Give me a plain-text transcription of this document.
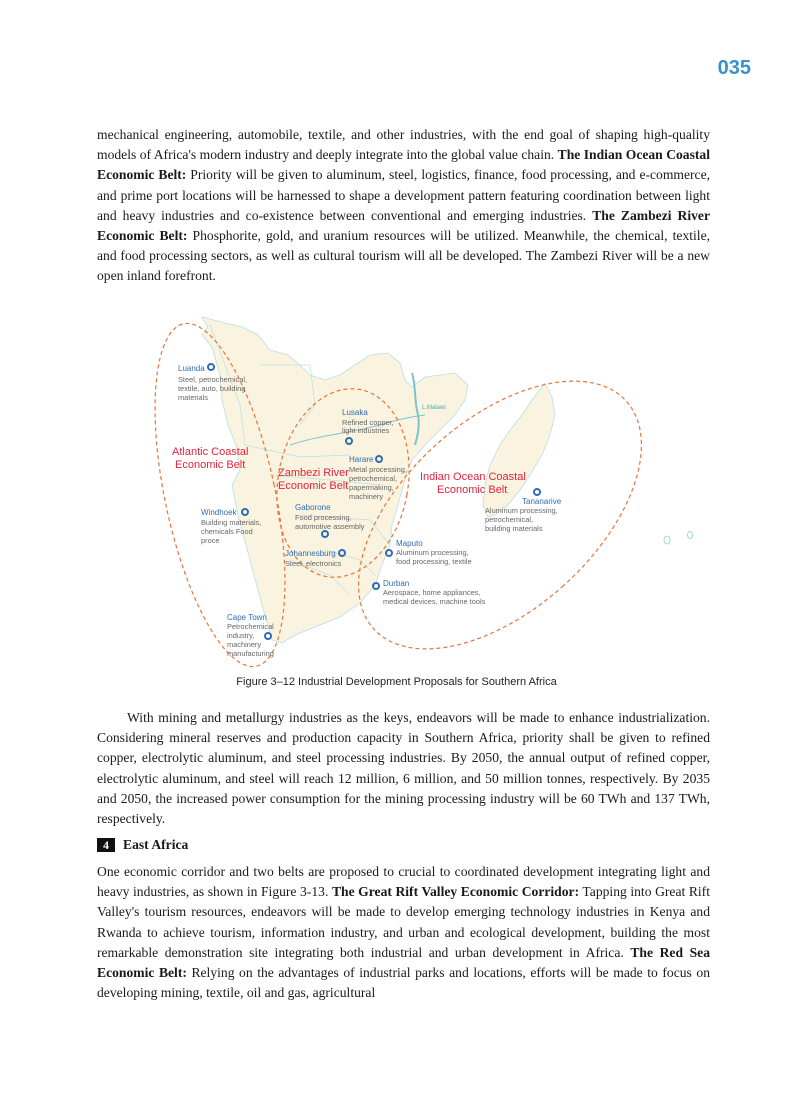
035

mechanical engineering, automobile, textile, and other industries, with the end goal of shaping high-quality models of Africa's modern industry and deeply integrate into the global value chain. The Indian Ocean Coastal Economic Belt: Priority will be given to aluminum, steel, logistics, finance, food processing, and e-commerce, and prime port locations will be harnessed to shape a development pattern featuring coordination between light and heavy industries and co-existence between conventional and emerging industries. The Zambezi River Economic Belt: Phosphorite, gold, and uranium resources will be utilized. Meanwhile, the chemical, textile, and food processing sectors, as well as cultural tourism will all be developed. The Zambezi River will be a new open inland forefront.

Atlantic Coastal Economic Belt
Zambezi River Economic Belt
Indian Ocean Coastal Economic Belt
L.Malawi
Luanda
Steel, petrochemical, textile, auto, building materials
Lusaka
Refined copper, light industries
Harare
Metal processing, petrochemical, papermaking, machinery
Windhoek
Building materials, chemicals Food proce
Gaborone
Food processing, automotive assembly
Johannesburg
Steel, electronics
Maputo
Aluminum processing, food processing, textile
Durban
Aerospace, home appliances, medical devices, machine tools
Tananarive
Aluminum processing, petrochemical, building materials
Cape Town
Petrochemical industry, machinery manufacturing
Figure 3–12 Industrial Development Proposals for Southern Africa

With mining and metallurgy industries as the keys, endeavors will be made to enhance industrialization. Considering mineral reserves and production capacity in Southern Africa, priority shall be given to refined copper, electrolytic aluminum, and steel processing industries. By 2050, the annual output of refined copper, electrolytic aluminum, and steel will reach 12 million, 6 million, and 50 million tonnes, respectively. By 2035 and 2050, the increased power consumption for the mining processing industry will be 60 TWh and 137 TWh, respectively.

4	East Africa

One economic corridor and two belts are proposed to crucial to coordinated development integrating light and heavy industries, as shown in Figure 3-13. The Great Rift Valley Economic Corridor: Tapping into Great Rift Valley's tourism resources, endeavors will be made to develop emerging technology industries in Kenya and Rwanda to achieve tourism, information industry, and urban and ecological development, building the most remarkable demonstration site integrating both industrial and urban development in Africa. The Red Sea Economic Belt: Relying on the advantages of industrial parks and locations, efforts will be made to focus on developing mining, textile, oil and gas, agricultural
